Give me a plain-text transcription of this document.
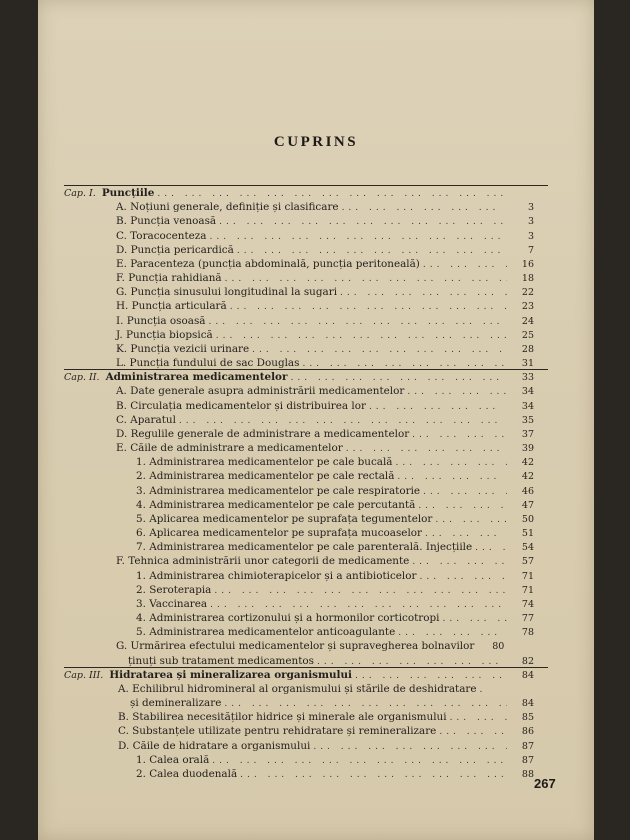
CUPRINS
Cap. I. Puncțiile
... .
A. Noțiuni generale, definiție și clasificare ... .	3
B. Puncția venoasă ... .	3
C. Toracocenteza ... .	3
D. Puncția pericardică ... .	7
E. Paracenteza (puncția abdominală, puncția peritoneală) ... .	16
F. Puncția rahidiană ... .	18
G. Puncția sinusului longitudinal la sugari ... .	22
H. Puncția articulară ... .	23
I. Puncția osoasă ... .	24
J. Puncția biopsică ... .	25
K. Puncția vezicii urinare ... .	28
L. Puncția fundului de sac Douglas ... .	31
Cap. II. Administrarea medicamentelor ... .	33
A. Date generale asupra administrării medicamentelor ... .	34
B. Circulația medicamentelor și distribuirea lor ... .	34
C. Aparatul ... .	35
D. Regulile generale de administrare a medicamentelor ... .	37
E. Căile de administrare a medicamentelor ... .	39
1. Administrarea medicamentelor pe cale bucală ... .	42
2. Administrarea medicamentelor pe cale rectală ... .	42
3. Administrarea medicamentelor pe cale respiratorie ... .	46
4. Administrarea medicamentelor pe cale percutantă ... .	47
5. Aplicarea medicamentelor pe suprafața tegumentelor ... .	50
6. Aplicarea medicamentelor pe suprafața mucoaselor ... .	51
7. Administrarea medicamentelor pe cale parenterală. Injecțiile ... .	54
F. Tehnica administrării unor categorii de medicamente ... .	57
1. Administrarea chimioterapicelor și a antibioticelor ... .	71
2. Seroterapia ... .	71
3. Vaccinarea ... .	74
4. Administrarea cortizonului și a hormonilor corticotropi ... .	77
5. Administrarea medicamentelor anticoagulante ... .	78
G. Urmărirea efectului medicamentelor și supravegherea bolnavilor	80
ținuți sub tratament medicamentos ... .	82
Cap. III. Hidratarea și mineralizarea organismului ... .	84
A. Echilibrul hidromineral al organismului și stările de deshidratare
... .
și demineralizare ... .	84
B. Stabilirea necesităților hidrice și minerale ale organismului ... .	85
C. Substanțele utilizate pentru rehidratare și remineralizare ... .	86
D. Căile de hidratare a organismului ... .	87
1. Calea orală ... .	87
2. Calea duodenală ... .	88
267
